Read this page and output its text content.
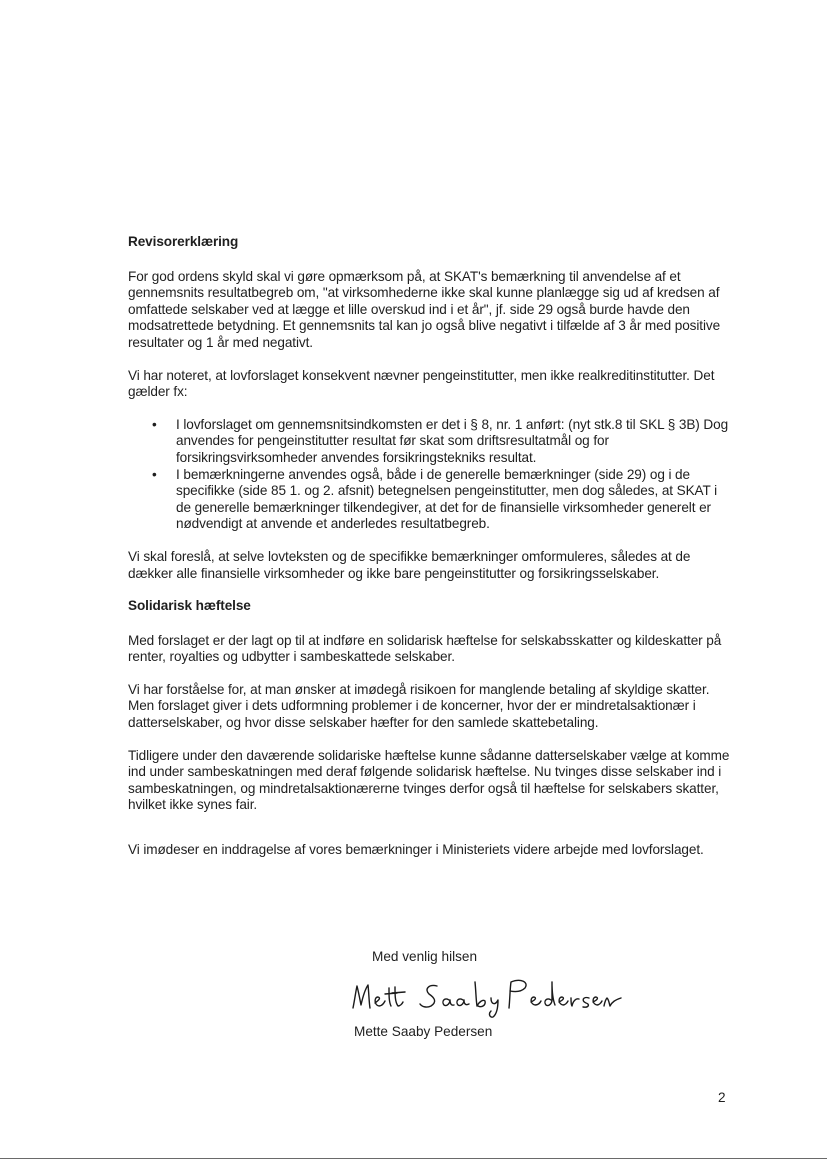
Revisorerklæring

For god ordens skyld skal vi gøre opmærksom på, at SKAT's bemærkning til anvendelse af et gennemsnits resultatbegreb om, "at virksomhederne ikke skal kunne planlægge sig ud af kredsen af omfattede selskaber ved at lægge et lille overskud ind i et år", jf. side 29 også burde havde den modsatrettede betydning. Et gennemsnits tal kan jo også blive negativt i tilfælde af 3 år med positive resultater og 1 år med negativt.

Vi har noteret, at lovforslaget konsekvent nævner pengeinstitutter, men ikke realkreditinstitutter. Det gælder fx:

• I lovforslaget om gennemsnitsindkomsten er det i § 8, nr. 1 anført: (nyt stk.8 til SKL § 3B) Dog anvendes for pengeinstitutter resultat før skat som driftsresultatmål og for forsikringsvirksomheder anvendes forsikringstekniks resultat.
• I bemærkningerne anvendes også, både i de generelle bemærkninger (side 29) og i de specifikke (side 85 1. og 2. afsnit) betegnelsen pengeinstitutter, men dog således, at SKAT i de generelle bemærkninger tilkendegiver, at det for de finansielle virksomheder generelt er nødvendigt at anvende et anderledes resultatbegreb.

Vi skal foreslå, at selve lovteksten og de specifikke bemærkninger omformuleres, således at de dækker alle finansielle virksomheder og ikke bare pengeinstitutter og forsikringsselskaber.

Solidarisk hæftelse

Med forslaget er der lagt op til at indføre en solidarisk hæftelse for selskabsskatter og kildeskatter på renter, royalties og udbytter i sambeskattede selskaber.

Vi har forståelse for, at man ønsker at imødegå risikoen for manglende betaling af skyldige skatter. Men forslaget giver i dets udformning problemer i de koncerner, hvor der er mindretalsaktionær i datterselskaber, og hvor disse selskaber hæfter for den samlede skattebetaling.

Tidligere under den daværende solidariske hæftelse kunne sådanne datterselskaber vælge at komme ind under sambeskatningen med deraf følgende solidarisk hæftelse. Nu tvinges disse selskaber ind i sambeskatningen, og mindretalsaktionærerne tvinges derfor også til hæftelse for selskabers skatter, hvilket ikke synes fair.

Vi imødeser en inddragelse af vores bemærkninger i Ministeriets videre arbejde med lovforslaget.

Med venlig hilsen
Mette Saaby Pedersen
2
